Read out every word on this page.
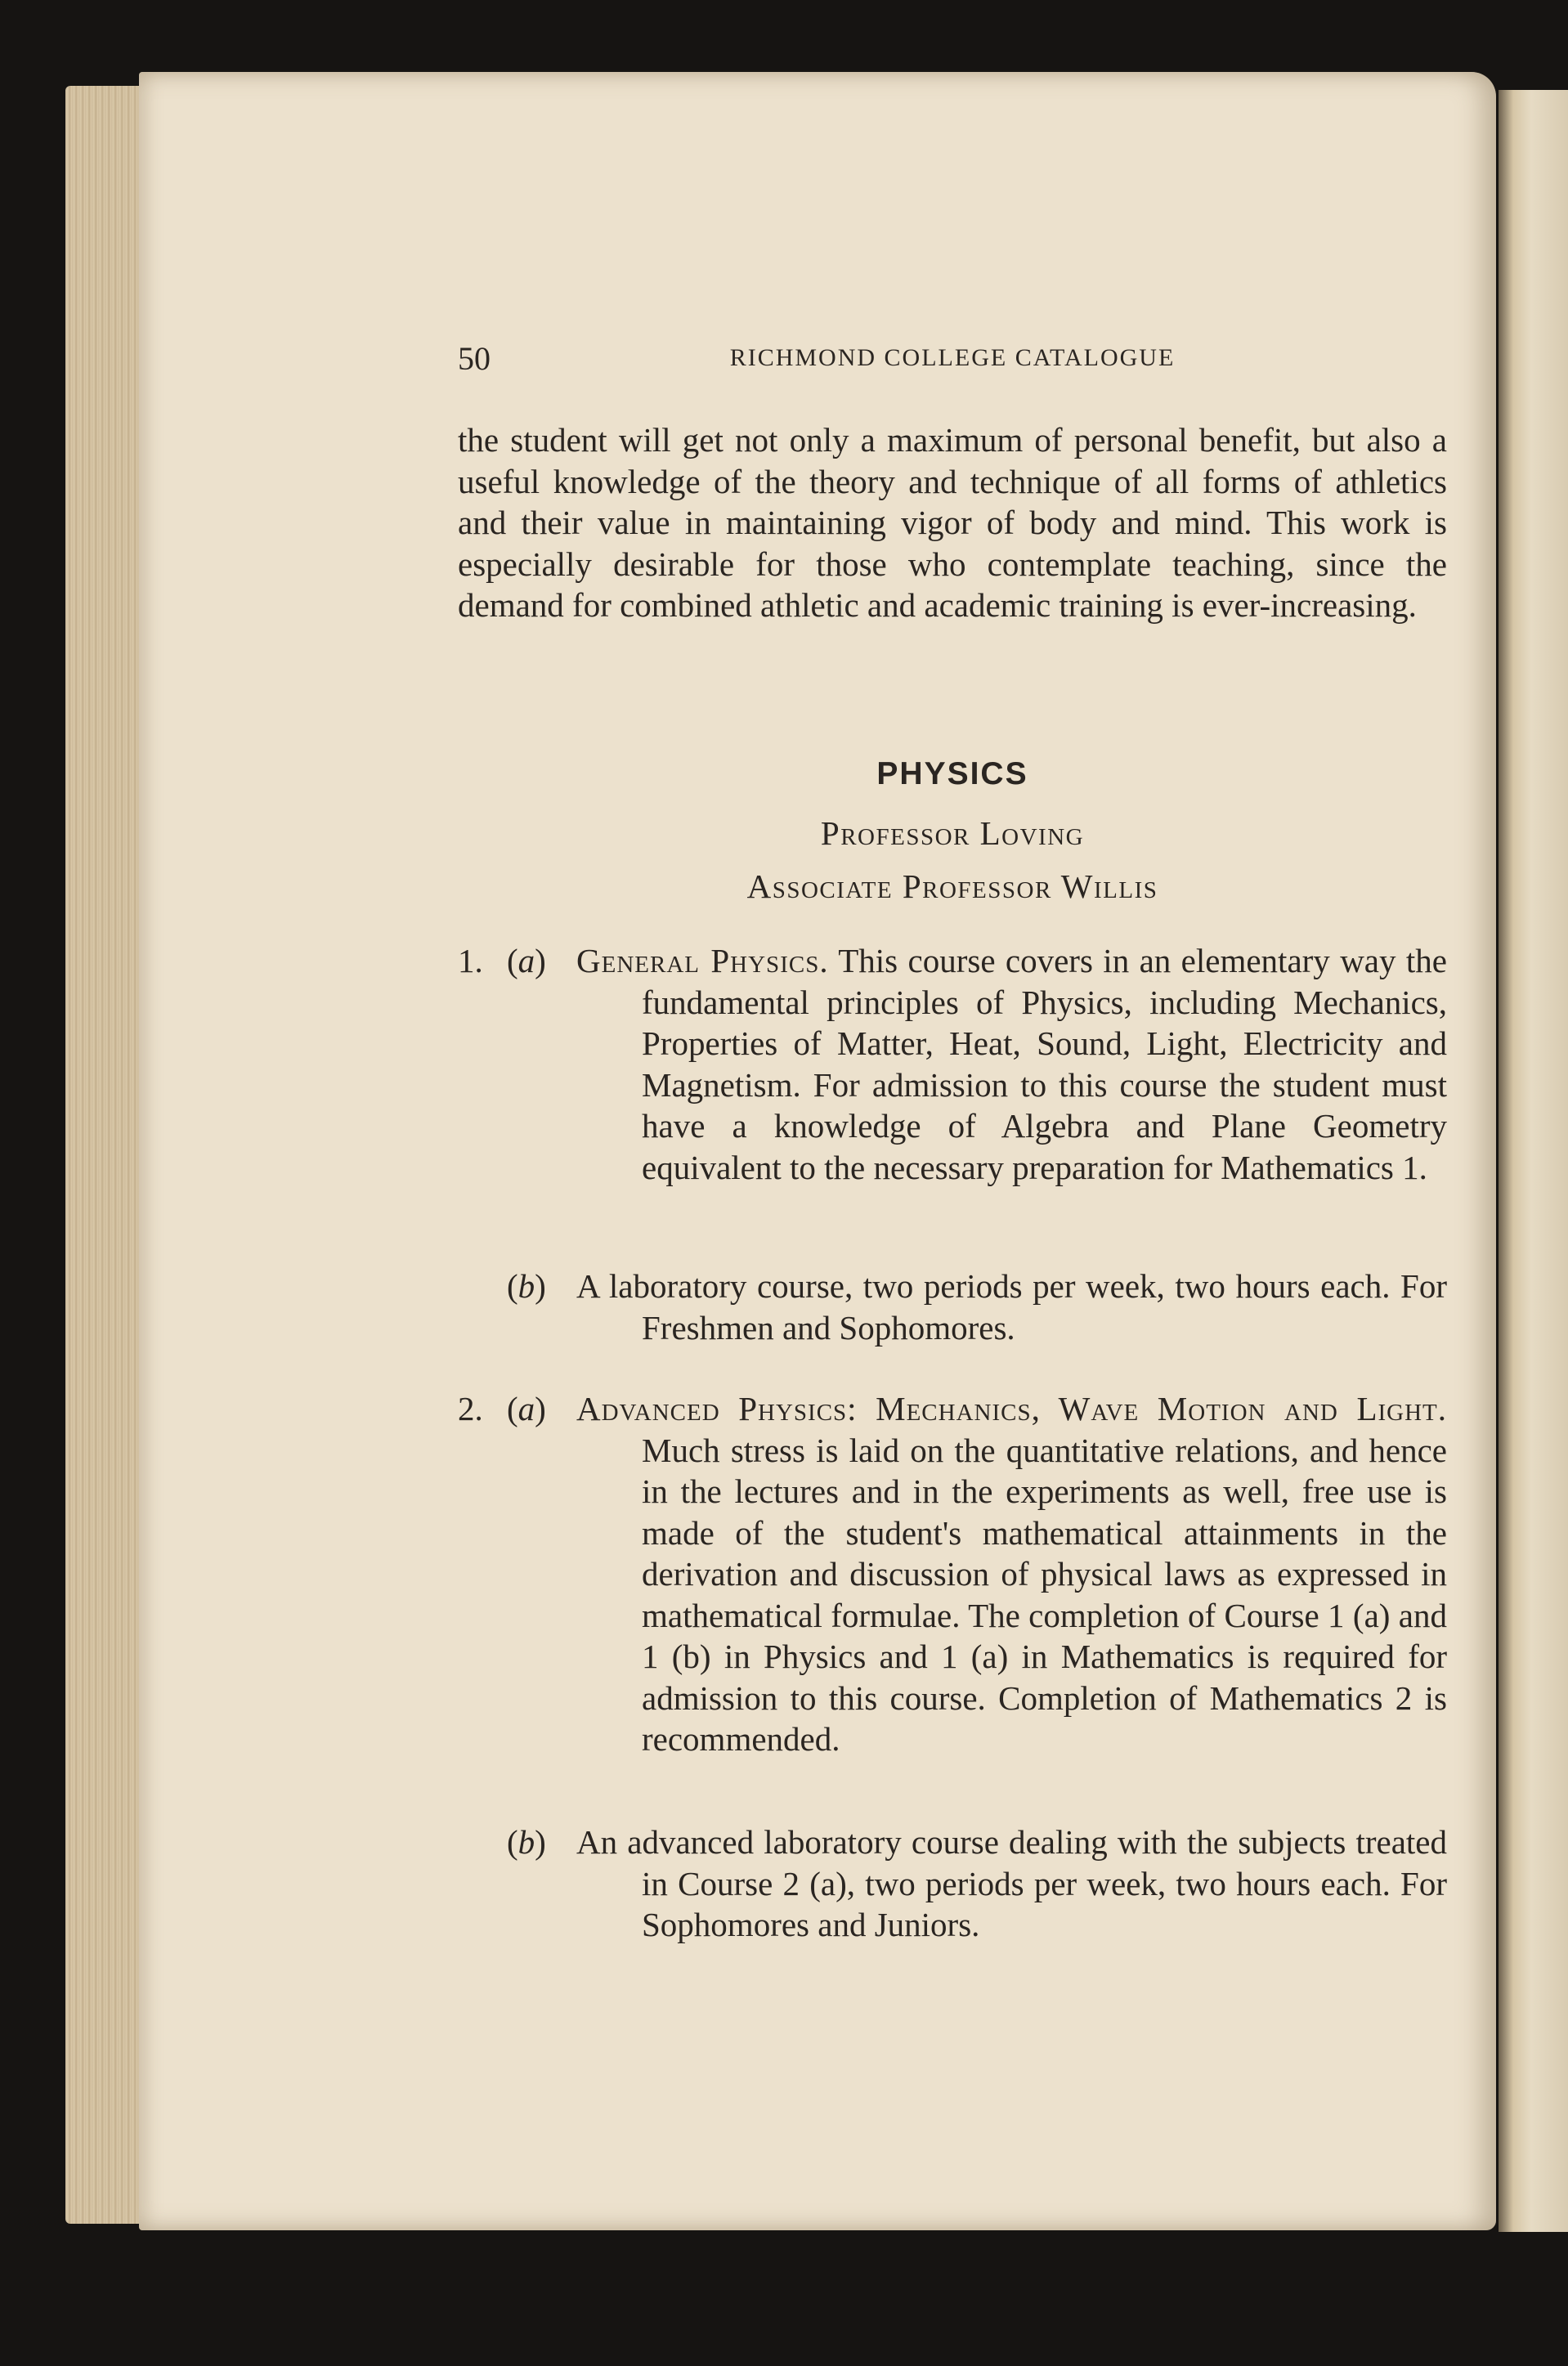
50	RICHMOND COLLEGE CATALOGUE
the student will get not only a maximum of personal benefit, but also a useful knowledge of the theory and technique of all forms of athletics and their value in maintaining vigor of body and mind. This work is especially desirable for those who contemplate teaching, since the demand for combined athletic and academic training is ever-increasing.
PHYSICS
Professor Loving
Associate Professor Willis
1. (a) General Physics. This course covers in an elementary way the fundamental principles of Physics, including Mechanics, Properties of Matter, Heat, Sound, Light, Electricity and Magnetism. For admission to this course the student must have a knowledge of Algebra and Plane Geometry equivalent to the necessary preparation for Mathematics 1.
(b) A laboratory course, two periods per week, two hours each. For Freshmen and Sophomores.
2. (a) Advanced Physics: Mechanics, Wave Motion and Light. Much stress is laid on the quantitative relations, and hence in the lectures and in the experiments as well, free use is made of the student's mathematical attainments in the derivation and discussion of physical laws as expressed in mathematical formulae. The completion of Course 1 (a) and 1 (b) in Physics and 1 (a) in Mathematics is required for admission to this course. Completion of Mathematics 2 is recommended.
(b) An advanced laboratory course dealing with the subjects treated in Course 2 (a), two periods per week, two hours each. For Sophomores and Juniors.
